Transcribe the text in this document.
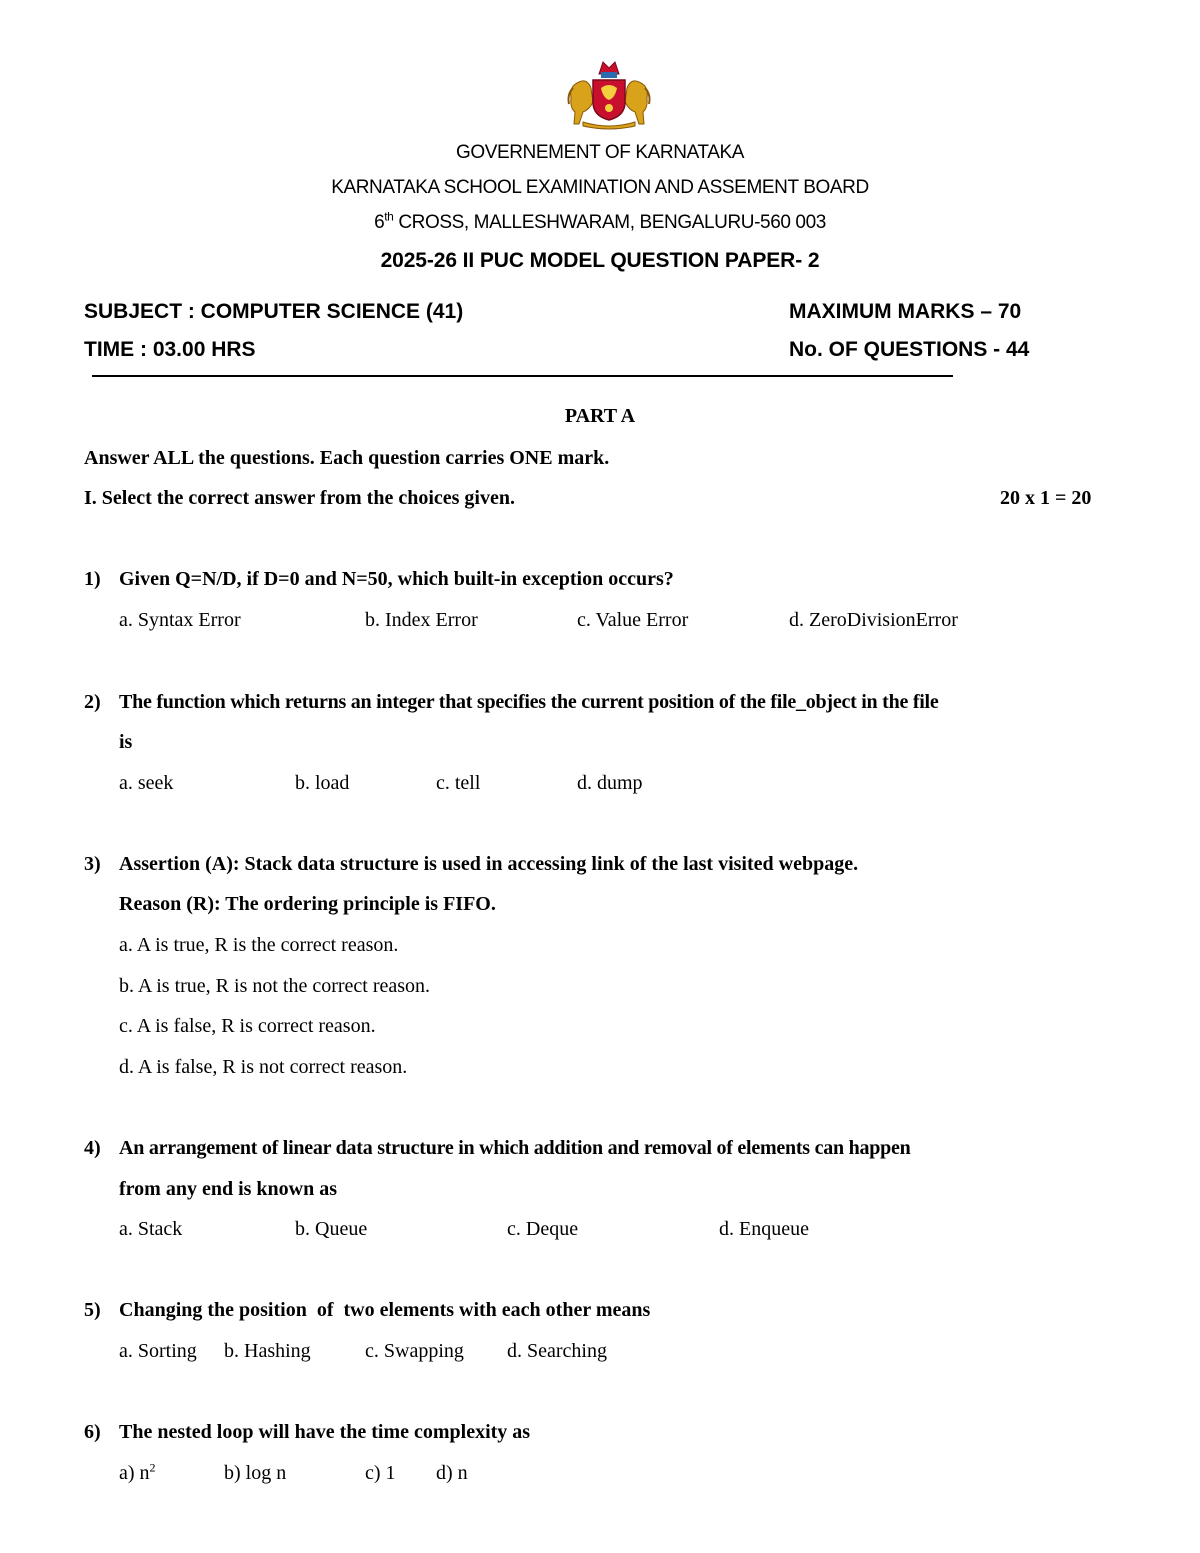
GOVERNEMENT OF KARNATAKA
KARNATAKA SCHOOL EXAMINATION AND ASSEMENT BOARD
6th CROSS, MALLESHWARAM, BENGALURU-560 003
2025-26 II PUC MODEL QUESTION PAPER- 2
SUBJECT : COMPUTER SCIENCE (41)	MAXIMUM MARKS – 70
TIME : 03.00 HRS	No. OF QUESTIONS - 44
PART A
Answer ALL the questions. Each question carries ONE mark.
I. Select the correct answer from the choices given.	20 x 1 = 20
1) Given Q=N/D, if D=0 and N=50, which built-in exception occurs?
a. Syntax Error	b. Index Error	c. Value Error	d. ZeroDivisionError
2) The function which returns an integer that specifies the current position of the file_object in the file
is
a. seek	b. load	c. tell	d. dump
3) Assertion (A): Stack data structure is used in accessing link of the last visited webpage.
Reason (R): The ordering principle is FIFO.
a. A is true, R is the correct reason.
b. A is true, R is not the correct reason.
c. A is false, R is correct reason.
d. A is false, R is not correct reason.
4) An arrangement of linear data structure in which addition and removal of elements can happen
from any end is known as
a. Stack	b. Queue	c. Deque	d. Enqueue
5) Changing the position  of  two elements with each other means
a. Sorting b. Hashing	c. Swapping d. Searching
6) The nested loop will have the time complexity as
a) $n^2$	b) log n	c) 1 d) n
